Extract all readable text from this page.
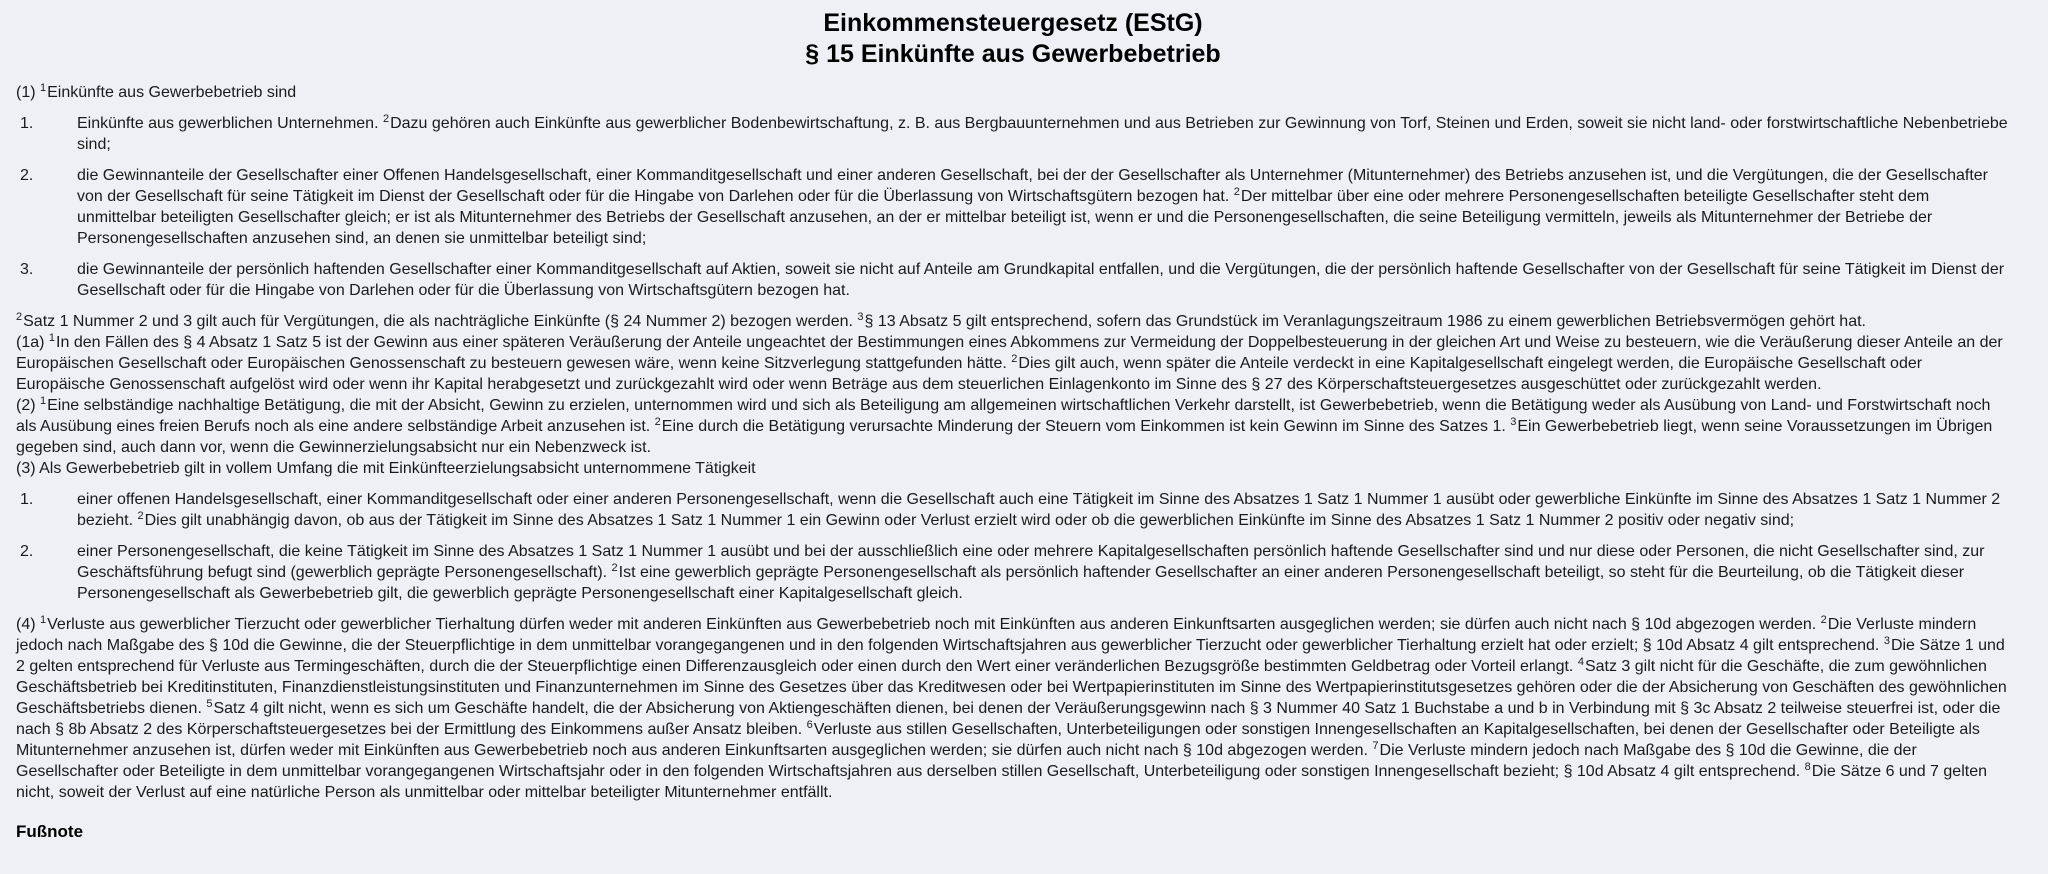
Einkommensteuergesetz (EStG)
§ 15 Einkünfte aus Gewerbebetrieb
(1) $^1$Einkünfte aus Gewerbebetrieb sind
1.	Einkünfte aus gewerblichen Unternehmen. $^2$Dazu gehören auch Einkünfte aus gewerblicher Bodenbewirtschaftung, z. B. aus Bergbauunternehmen und aus Betrieben zur Gewinnung von Torf, Steinen und Erden, soweit sie nicht land- oder forstwirtschaftliche Nebenbetriebe sind;
2.	die Gewinnanteile der Gesellschafter einer Offenen Handelsgesellschaft, einer Kommanditgesellschaft und einer anderen Gesellschaft, bei der der Gesellschafter als Unternehmer (Mitunternehmer) des Betriebs anzusehen ist, und die Vergütungen, die der Gesellschafter von der Gesellschaft für seine Tätigkeit im Dienst der Gesellschaft oder für die Hingabe von Darlehen oder für die Überlassung von Wirtschaftsgütern bezogen hat. $^2$Der mittelbar über eine oder mehrere Personengesellschaften beteiligte Gesellschafter steht dem unmittelbar beteiligten Gesellschafter gleich; er ist als Mitunternehmer des Betriebs der Gesellschaft anzusehen, an der er mittelbar beteiligt ist, wenn er und die Personengesellschaften, die seine Beteiligung vermitteln, jeweils als Mitunternehmer der Betriebe der Personengesellschaften anzusehen sind, an denen sie unmittelbar beteiligt sind;
3.	die Gewinnanteile der persönlich haftenden Gesellschafter einer Kommanditgesellschaft auf Aktien, soweit sie nicht auf Anteile am Grundkapital entfallen, und die Vergütungen, die der persönlich haftende Gesellschafter von der Gesellschaft für seine Tätigkeit im Dienst der Gesellschaft oder für die Hingabe von Darlehen oder für die Überlassung von Wirtschaftsgütern bezogen hat.
$^2$Satz 1 Nummer 2 und 3 gilt auch für Vergütungen, die als nachträgliche Einkünfte (§ 24 Nummer 2) bezogen werden. $^3$§ 13 Absatz 5 gilt entsprechend, sofern das Grundstück im Veranlagungszeitraum 1986 zu einem gewerblichen Betriebsvermögen gehört hat.
(1a) $^1$In den Fällen des § 4 Absatz 1 Satz 5 ist der Gewinn aus einer späteren Veräußerung der Anteile ungeachtet der Bestimmungen eines Abkommens zur Vermeidung der Doppelbesteuerung in der gleichen Art und Weise zu besteuern, wie die Veräußerung dieser Anteile an der Europäischen Gesellschaft oder Europäischen Genossenschaft zu besteuern gewesen wäre, wenn keine Sitzverlegung stattgefunden hätte. $^2$Dies gilt auch, wenn später die Anteile verdeckt in eine Kapitalgesellschaft eingelegt werden, die Europäische Gesellschaft oder Europäische Genossenschaft aufgelöst wird oder wenn ihr Kapital herabgesetzt und zurückgezahlt wird oder wenn Beträge aus dem steuerlichen Einlagenkonto im Sinne des § 27 des Körperschaftsteuergesetzes ausgeschüttet oder zurückgezahlt werden.
(2) $^1$Eine selbständige nachhaltige Betätigung, die mit der Absicht, Gewinn zu erzielen, unternommen wird und sich als Beteiligung am allgemeinen wirtschaftlichen Verkehr darstellt, ist Gewerbebetrieb, wenn die Betätigung weder als Ausübung von Land- und Forstwirtschaft noch als Ausübung eines freien Berufs noch als eine andere selbständige Arbeit anzusehen ist. $^2$Eine durch die Betätigung verursachte Minderung der Steuern vom Einkommen ist kein Gewinn im Sinne des Satzes 1. $^3$Ein Gewerbebetrieb liegt, wenn seine Voraussetzungen im Übrigen gegeben sind, auch dann vor, wenn die Gewinnerzielungsabsicht nur ein Nebenzweck ist.
(3) Als Gewerbebetrieb gilt in vollem Umfang die mit Einkünfteerzielungsabsicht unternommene Tätigkeit
1.	einer offenen Handelsgesellschaft, einer Kommanditgesellschaft oder einer anderen Personengesellschaft, wenn die Gesellschaft auch eine Tätigkeit im Sinne des Absatzes 1 Satz 1 Nummer 1 ausübt oder gewerbliche Einkünfte im Sinne des Absatzes 1 Satz 1 Nummer 2 bezieht. $^2$Dies gilt unabhängig davon, ob aus der Tätigkeit im Sinne des Absatzes 1 Satz 1 Nummer 1 ein Gewinn oder Verlust erzielt wird oder ob die gewerblichen Einkünfte im Sinne des Absatzes 1 Satz 1 Nummer 2 positiv oder negativ sind;
2.	einer Personengesellschaft, die keine Tätigkeit im Sinne des Absatzes 1 Satz 1 Nummer 1 ausübt und bei der ausschließlich eine oder mehrere Kapitalgesellschaften persönlich haftende Gesellschafter sind und nur diese oder Personen, die nicht Gesellschafter sind, zur Geschäftsführung befugt sind (gewerblich geprägte Personengesellschaft). $^2$Ist eine gewerblich geprägte Personengesellschaft als persönlich haftender Gesellschafter an einer anderen Personengesellschaft beteiligt, so steht für die Beurteilung, ob die Tätigkeit dieser Personengesellschaft als Gewerbebetrieb gilt, die gewerblich geprägte Personengesellschaft einer Kapitalgesellschaft gleich.
(4) $^1$Verluste aus gewerblicher Tierzucht oder gewerblicher Tierhaltung dürfen weder mit anderen Einkünften aus Gewerbebetrieb noch mit Einkünften aus anderen Einkunftsarten ausgeglichen werden; sie dürfen auch nicht nach § 10d abgezogen werden. $^2$Die Verluste mindern jedoch nach Maßgabe des § 10d die Gewinne, die der Steuerpflichtige in dem unmittelbar vorangegangenen und in den folgenden Wirtschaftsjahren aus gewerblicher Tierzucht oder gewerblicher Tierhaltung erzielt hat oder erzielt; § 10d Absatz 4 gilt entsprechend. $^3$Die Sätze 1 und 2 gelten entsprechend für Verluste aus Termingeschäften, durch die der Steuerpflichtige einen Differenzausgleich oder einen durch den Wert einer veränderlichen Bezugsgröße bestimmten Geldbetrag oder Vorteil erlangt. $^4$Satz 3 gilt nicht für die Geschäfte, die zum gewöhnlichen Geschäftsbetrieb bei Kreditinstituten, Finanzdienstleistungsinstituten und Finanzunternehmen im Sinne des Gesetzes über das Kreditwesen oder bei Wertpapierinstituten im Sinne des Wertpapierinstitutsgesetzes gehören oder die der Absicherung von Geschäften des gewöhnlichen Geschäftsbetriebs dienen. $^5$Satz 4 gilt nicht, wenn es sich um Geschäfte handelt, die der Absicherung von Aktiengeschäften dienen, bei denen der Veräußerungsgewinn nach § 3 Nummer 40 Satz 1 Buchstabe a und b in Verbindung mit § 3c Absatz 2 teilweise steuerfrei ist, oder die nach § 8b Absatz 2 des Körperschaftsteuergesetzes bei der Ermittlung des Einkommens außer Ansatz bleiben. $^6$Verluste aus stillen Gesellschaften, Unterbeteiligungen oder sonstigen Innengesellschaften an Kapitalgesellschaften, bei denen der Gesellschafter oder Beteiligte als Mitunternehmer anzusehen ist, dürfen weder mit Einkünften aus Gewerbebetrieb noch aus anderen Einkunftsarten ausgeglichen werden; sie dürfen auch nicht nach § 10d abgezogen werden. $^7$Die Verluste mindern jedoch nach Maßgabe des § 10d die Gewinne, die der Gesellschafter oder Beteiligte in dem unmittelbar vorangegangenen Wirtschaftsjahr oder in den folgenden Wirtschaftsjahren aus derselben stillen Gesellschaft, Unterbeteiligung oder sonstigen Innengesellschaft bezieht; § 10d Absatz 4 gilt entsprechend. $^8$Die Sätze 6 und 7 gelten nicht, soweit der Verlust auf eine natürliche Person als unmittelbar oder mittelbar beteiligter Mitunternehmer entfällt.
Fußnote
